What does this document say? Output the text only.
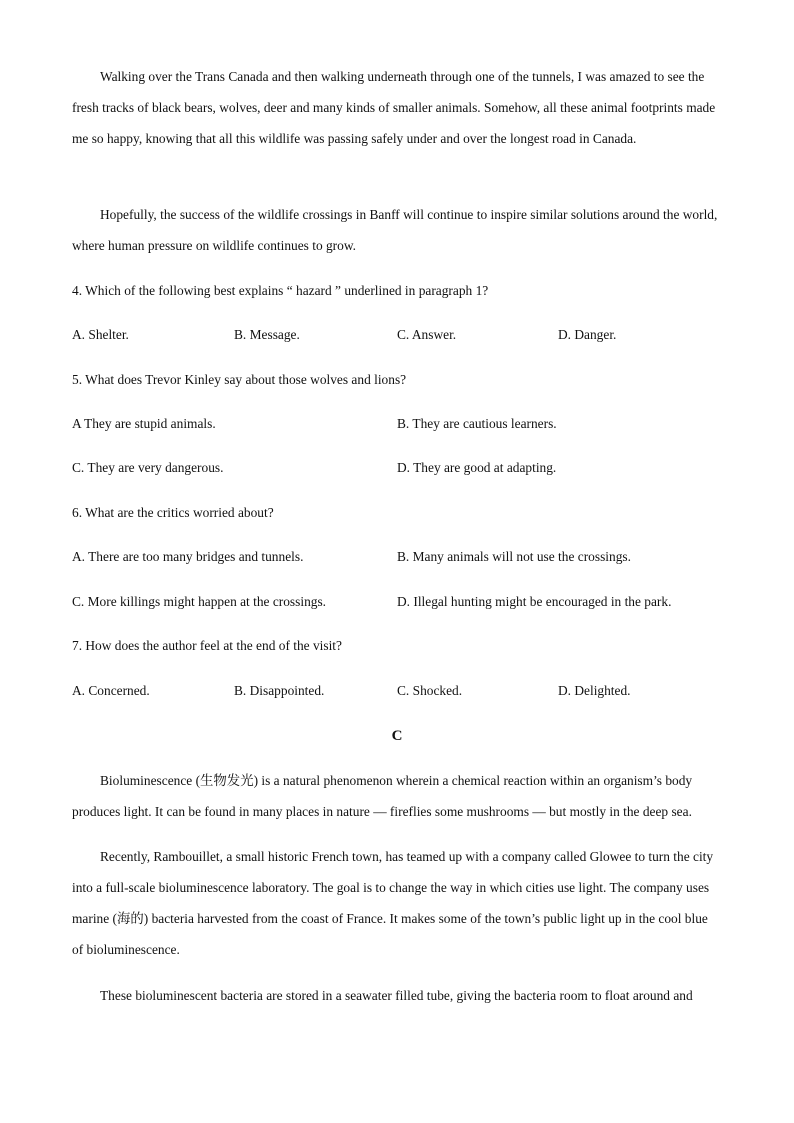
Walking over the Trans Canada and then walking underneath through one of the tunnels, I was amazed to see the fresh tracks of black bears, wolves, deer and many kinds of smaller animals. Somehow, all these animal footprints made me so happy, knowing that all this wildlife was passing safely under and over the longest road in Canada.

Hopefully, the success of the wildlife crossings in Banff will continue to inspire similar solutions around the world, where human pressure on wildlife continues to grow.

4. Which of the following best explains “ hazard ” underlined in paragraph 1?

A. Shelter.	B. Message.	C. Answer.	D. Danger.

5. What does Trevor Kinley say about those wolves and lions?

A They are stupid animals.	B. They are cautious learners.
C. They are very dangerous.	D. They are good at adapting.

6. What are the critics worried about?

A. There are too many bridges and tunnels.	B. Many animals will not use the crossings.
C. More killings might happen at the crossings.	D. Illegal hunting might be encouraged in the park.

7. How does the author feel at the end of the visit?

A. Concerned.	B. Disappointed.	C. Shocked.	D. Delighted.
C

Bioluminescence (生物发光) is a natural phenomenon wherein a chemical reaction within an organism’s body produces light. It can be found in many places in nature — fireflies some mushrooms — but mostly in the deep sea.

Recently, Rambouillet, a small historic French town, has teamed up with a company called Glowee to turn the city into a full-scale bioluminescence laboratory. The goal is to change the way in which cities use light. The company uses marine (海的) bacteria harvested from the coast of France. It makes some of the town’s public light up in the cool blue of bioluminescence.

These bioluminescent bacteria are stored in a seawater filled tube, giving the bacteria room to float around and
